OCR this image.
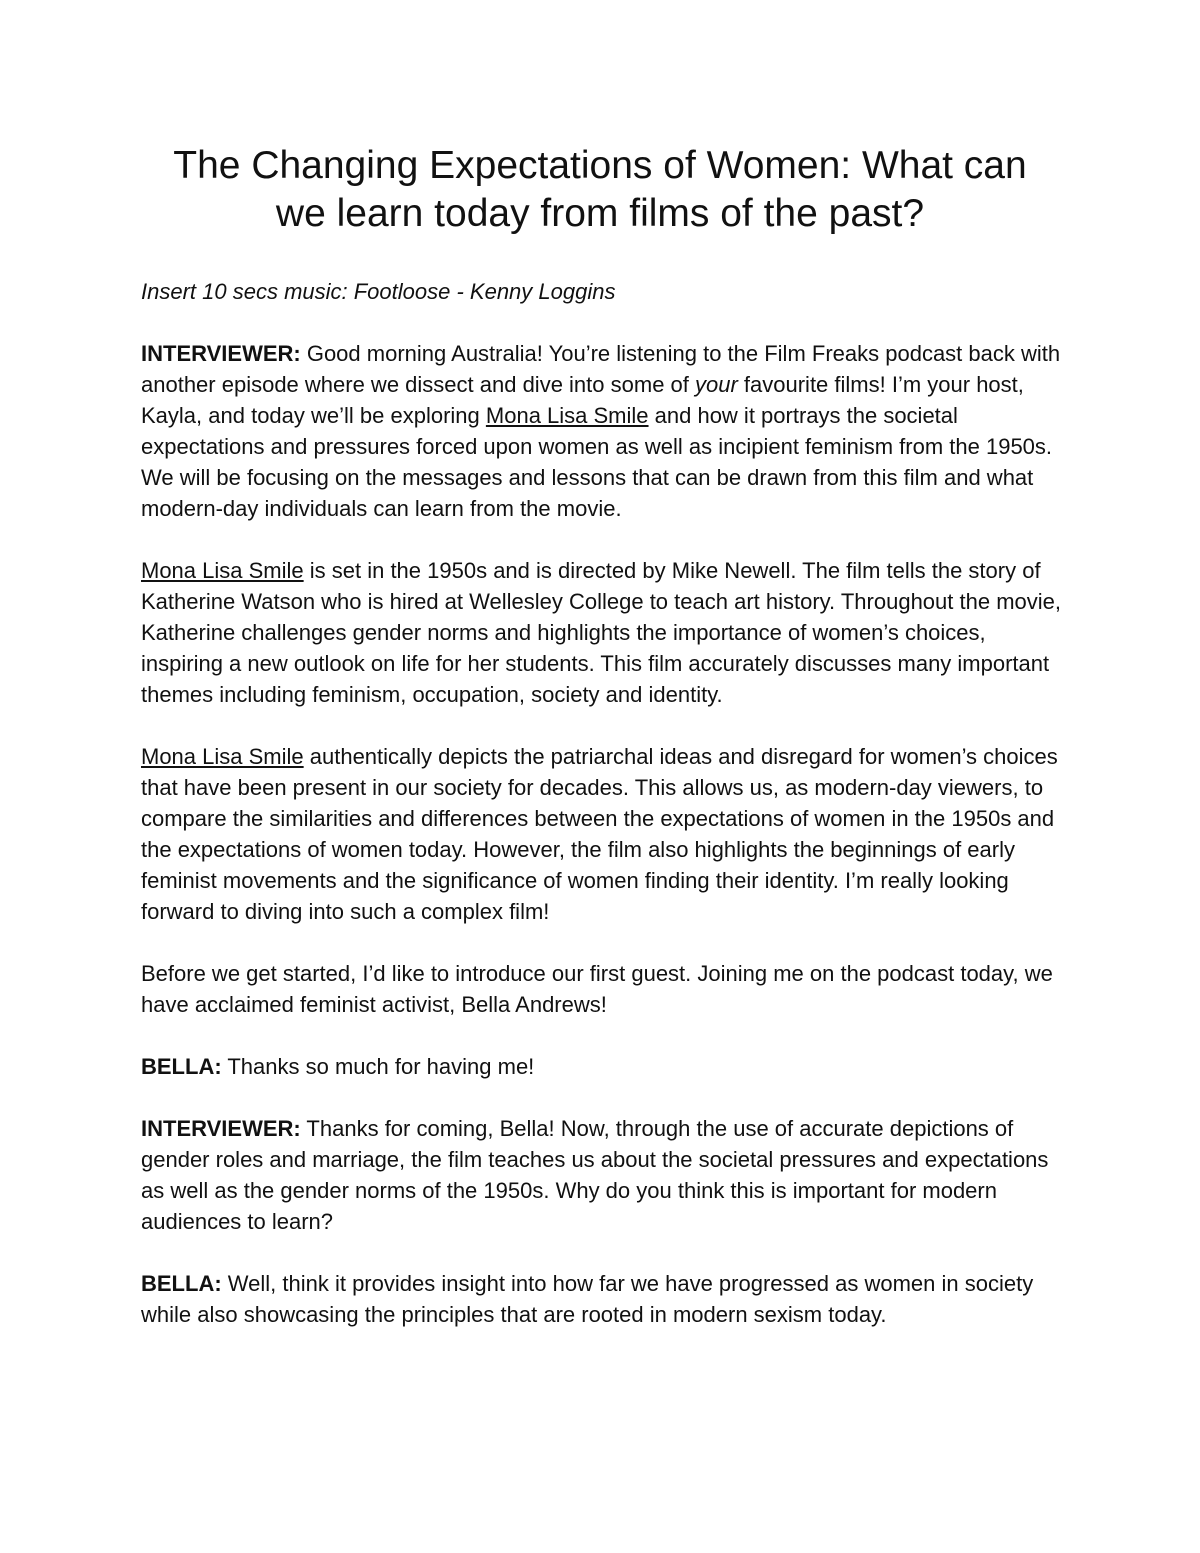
The Changing Expectations of Women: What can
we learn today from films of the past?

Insert 10 secs music: Footloose - Kenny Loggins

INTERVIEWER: Good morning Australia! You’re listening to the Film Freaks podcast back with another episode where we dissect and dive into some of your favourite films! I’m your host, Kayla, and today we’ll be exploring Mona Lisa Smile and how it portrays the societal expectations and pressures forced upon women as well as incipient feminism from the 1950s. We will be focusing on the messages and lessons that can be drawn from this film and what modern-day individuals can learn from the movie.

Mona Lisa Smile is set in the 1950s and is directed by Mike Newell. The film tells the story of Katherine Watson who is hired at Wellesley College to teach art history. Throughout the movie, Katherine challenges gender norms and highlights the importance of women’s choices, inspiring a new outlook on life for her students. This film accurately discusses many important themes including feminism, occupation, society and identity.

Mona Lisa Smile authentically depicts the patriarchal ideas and disregard for women’s choices that have been present in our society for decades. This allows us, as modern-day viewers, to compare the similarities and differences between the expectations of women in the 1950s and the expectations of women today. However, the film also highlights the beginnings of early feminist movements and the significance of women finding their identity. I’m really looking forward to diving into such a complex film!

Before we get started, I’d like to introduce our first guest. Joining me on the podcast today, we have acclaimed feminist activist, Bella Andrews!

BELLA: Thanks so much for having me!

INTERVIEWER: Thanks for coming, Bella! Now, through the use of accurate depictions of gender roles and marriage, the film teaches us about the societal pressures and expectations as well as the gender norms of the 1950s. Why do you think this is important for modern audiences to learn?

BELLA: Well, think it provides insight into how far we have progressed as women in society while also showcasing the principles that are rooted in modern sexism today.
